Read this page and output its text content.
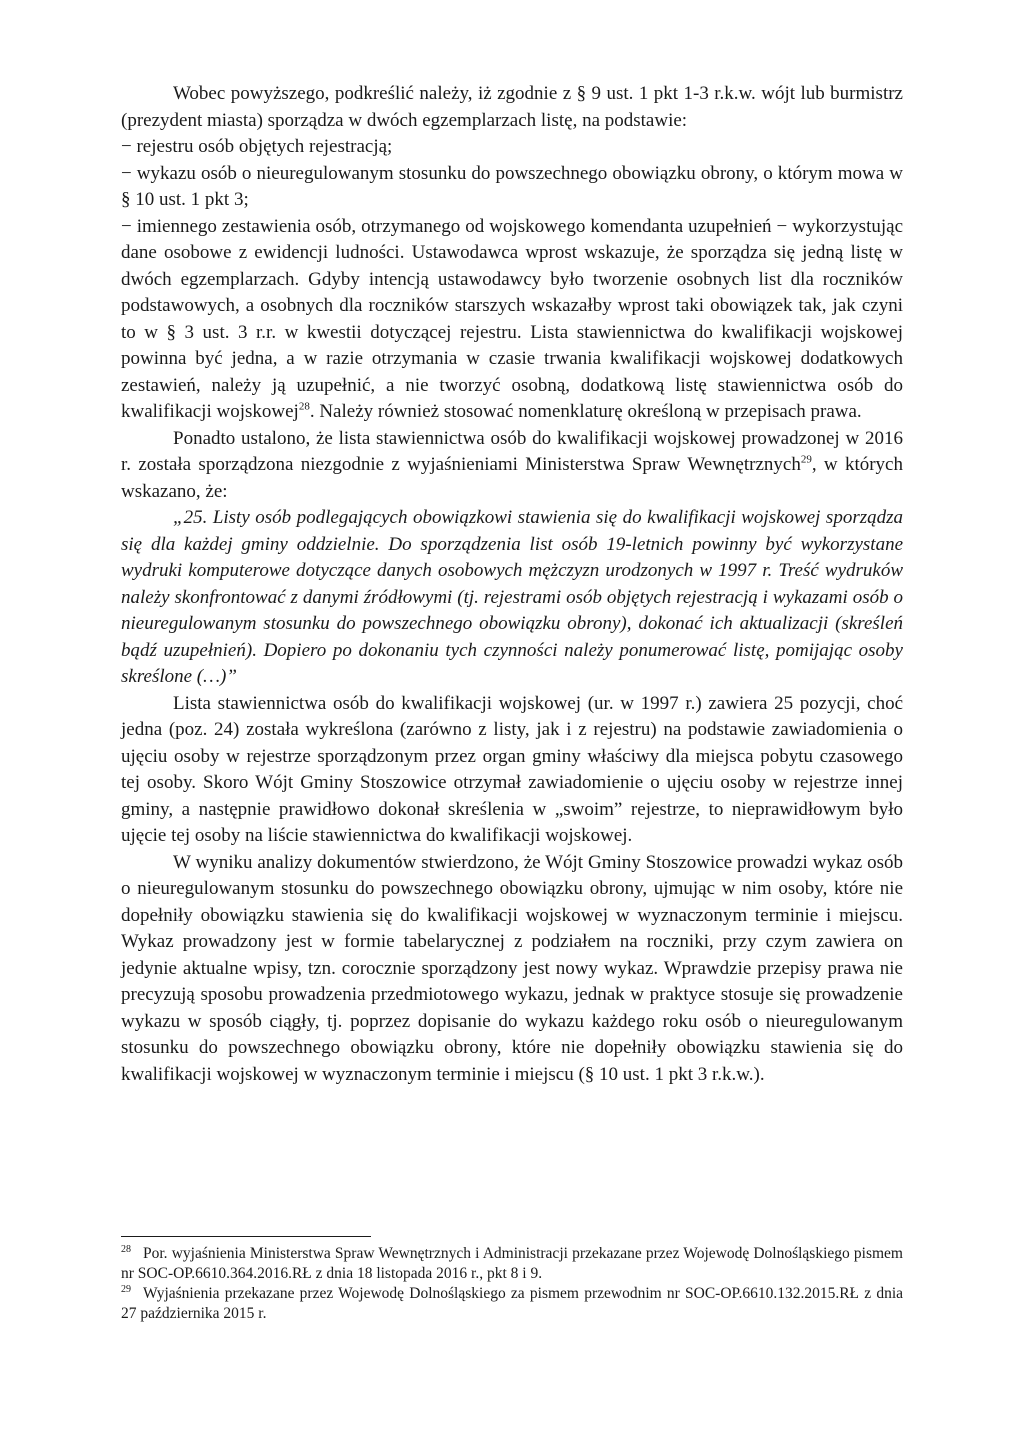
Wobec powyższego, podkreślić należy, iż zgodnie z § 9 ust. 1 pkt 1-3 r.k.w. wójt lub burmistrz (prezydent miasta) sporządza w dwóch egzemplarzach listę, na podstawie:

− rejestru osób objętych rejestracją;

− wykazu osób o nieuregulowanym stosunku do powszechnego obowiązku obrony, o którym mowa w § 10 ust. 1 pkt 3;

− imiennego zestawienia osób, otrzymanego od wojskowego komendanta uzupełnień − wykorzystując dane osobowe z ewidencji ludności. Ustawodawca wprost wskazuje, że sporządza się jedną listę w dwóch egzemplarzach. Gdyby intencją ustawodawcy było tworzenie osobnych list dla roczników podstawowych, a osobnych dla roczników starszych wskazałby wprost taki obowiązek tak, jak czyni to w § 3 ust. 3 r.r. w kwestii dotyczącej rejestru. Lista stawiennictwa do kwalifikacji wojskowej powinna być jedna, a w razie otrzymania w czasie trwania kwalifikacji wojskowej dodatkowych zestawień, należy ją uzupełnić, a nie tworzyć osobną, dodatkową listę stawiennictwa osób do kwalifikacji wojskowej$^{28}$. Należy również stosować nomenklaturę określoną w przepisach prawa.

Ponadto ustalono, że lista stawiennictwa osób do kwalifikacji wojskowej prowadzonej w 2016 r. została sporządzona niezgodnie z wyjaśnieniami Ministerstwa Spraw Wewnętrznych$^{29}$, w których wskazano, że:

„25. Listy osób podlegających obowiązkowi stawienia się do kwalifikacji wojskowej sporządza się dla każdej gminy oddzielnie. Do sporządzenia list osób 19-letnich powinny być wykorzystane wydruki komputerowe dotyczące danych osobowych mężczyzn urodzonych w 1997 r. Treść wydruków należy skonfrontować z danymi źródłowymi (tj. rejestrami osób objętych rejestracją i wykazami osób o nieuregulowanym stosunku do powszechnego obowiązku obrony), dokonać ich aktualizacji (skreśleń bądź uzupełnień). Dopiero po dokonaniu tych czynności należy ponumerować listę, pomijając osoby skreślone (…)”

Lista stawiennictwa osób do kwalifikacji wojskowej (ur. w 1997 r.) zawiera 25 pozycji, choć jedna (poz. 24) została wykreślona (zarówno z listy, jak i z rejestru) na podstawie zawiadomienia o ujęciu osoby w rejestrze sporządzonym przez organ gminy właściwy dla miejsca pobytu czasowego tej osoby. Skoro Wójt Gminy Stoszowice otrzymał zawiadomienie o ujęciu osoby w rejestrze innej gminy, a następnie prawidłowo dokonał skreślenia w „swoim” rejestrze, to nieprawidłowym było ujęcie tej osoby na liście stawiennictwa do kwalifikacji wojskowej.

W wyniku analizy dokumentów stwierdzono, że Wójt Gminy Stoszowice prowadzi wykaz osób o nieuregulowanym stosunku do powszechnego obowiązku obrony, ujmując w nim osoby, które nie dopełniły obowiązku stawienia się do kwalifikacji wojskowej w wyznaczonym terminie i miejscu. Wykaz prowadzony jest w formie tabelarycznej z podziałem na roczniki, przy czym zawiera on jedynie aktualne wpisy, tzn. corocznie sporządzony jest nowy wykaz. Wprawdzie przepisy prawa nie precyzują sposobu prowadzenia przedmiotowego wykazu, jednak w praktyce stosuje się prowadzenie wykazu w sposób ciągły, tj. poprzez dopisanie do wykazu każdego roku osób o nieuregulowanym stosunku do powszechnego obowiązku obrony, które nie dopełniły obowiązku stawienia się do kwalifikacji wojskowej w wyznaczonym terminie i miejscu (§ 10 ust. 1 pkt 3 r.k.w.).

$^{28}$ Por. wyjaśnienia Ministerstwa Spraw Wewnętrznych i Administracji przekazane przez Wojewodę Dolnośląskiego pismem nr SOC-OP.6610.364.2016.RŁ z dnia 18 listopada 2016 r., pkt 8 i 9.

$^{29}$ Wyjaśnienia przekazane przez Wojewodę Dolnośląskiego za pismem przewodnim nr SOC-OP.6610.132.2015.RŁ z dnia 27 października 2015 r.
